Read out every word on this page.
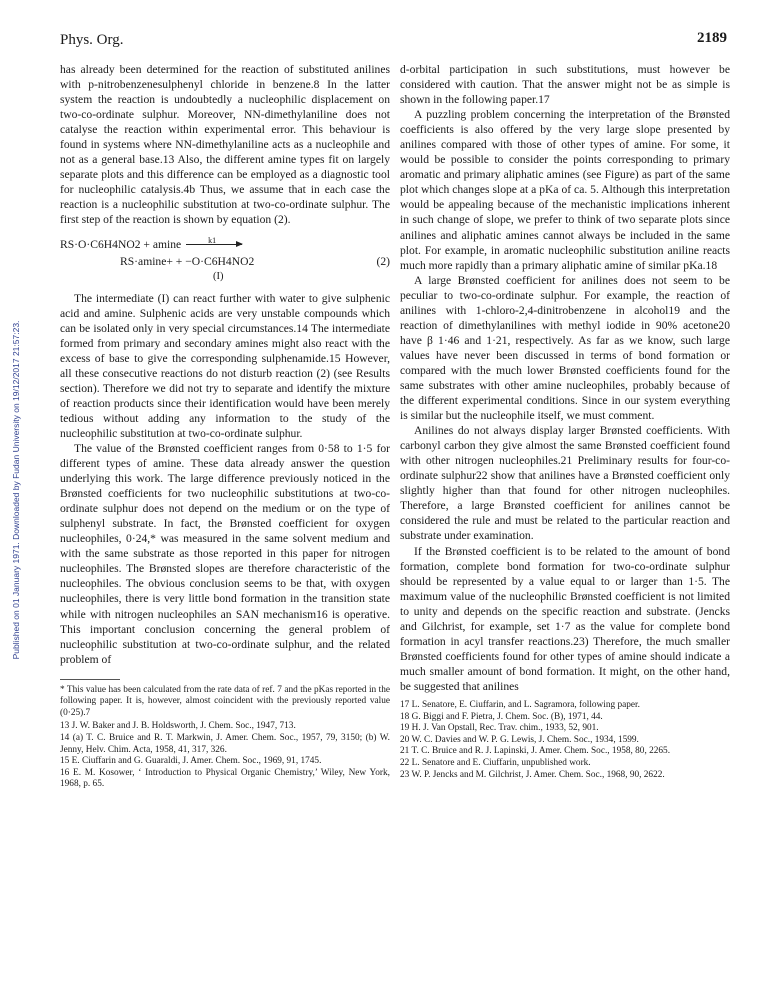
Phys. Org.	2189
Published on 01 January 1971. Downloaded by Fudan University on 19/12/2017 21:57:23.

has already been determined for the reaction of substituted anilines with p-nitrobenzenesulphenyl chloride in benzene.8 In the latter system the reaction is undoubtedly a nucleophilic displacement on two-co-ordinate sulphur. Moreover, NN-dimethylaniline does not catalyse the reaction within experimental error. This behaviour is found in systems where NN-dimethylaniline acts as a nucleophile and not as a general base.13 Also, the different amine types fit on largely separate plots and this difference can be employed as a diagnostic tool for nucleophilic catalysis.4b Thus, we assume that in each case the reaction is a nucleophilic substitution at two-co-ordinate sulphur. The first step of the reaction is shown by equation (2).

RS·O·C6H4NO2 + amine	k1
RS·amine+ + −O·C6H4NO2	(2)
(I)

The intermediate (I) can react further with water to give sulphenic acid and amine. Sulphenic acids are very unstable compounds which can be isolated only in very special circumstances.14 The intermediate formed from primary and secondary amines might also react with the excess of base to give the corresponding sulphenamide.15 However, all these consecutive reactions do not disturb reaction (2) (see Results section). Therefore we did not try to separate and identify the mixture of reaction products since their identification would have been merely tedious without adding any information to the study of the nucleophilic substitution at two-co-ordinate sulphur.

The value of the Brønsted coefficient ranges from 0·58 to 1·5 for different types of amine. These data already answer the question underlying this work. The large difference previously noticed in the Brønsted coefficients for two nucleophilic substitutions at two-co-ordinate sulphur does not depend on the medium or on the type of sulphenyl substrate. In fact, the Brønsted coefficient for oxygen nucleophiles, 0·24,* was measured in the same solvent medium and with the same substrate as those reported in this paper for nitrogen nucleophiles. The Brønsted slopes are therefore characteristic of the nucleophiles. The obvious conclusion seems to be that, with oxygen nucleophiles, there is very little bond formation in the transition state while with nitrogen nucleophiles an SAN mechanism16 is operative. This important conclusion concerning the general problem of nucleophilic substitution at two-co-ordinate sulphur, and the related problem of

* This value has been calculated from the rate data of ref. 7 and the pKas reported in the following paper. It is, however, almost coincident with the previously reported value (0·25).7

13 J. W. Baker and J. B. Holdsworth, J. Chem. Soc., 1947, 713.
14 (a) T. C. Bruice and R. T. Markwin, J. Amer. Chem. Soc., 1957, 79, 3150; (b) W. Jenny, Helv. Chim. Acta, 1958, 41, 317, 326.
15 E. Ciuffarin and G. Guaraldi, J. Amer. Chem. Soc., 1969, 91, 1745.
16 E. M. Kosower, ‘ Introduction to Physical Organic Chemistry,’ Wiley, New York, 1968, p. 65.

d-orbital participation in such substitutions, must however be considered with caution. That the answer might not be as simple is shown in the following paper.17

A puzzling problem concerning the interpretation of the Brønsted coefficients is also offered by the very large slope presented by anilines compared with those of other types of amine. For some, it would be possible to consider the points corresponding to primary aromatic and primary aliphatic amines (see Figure) as part of the same plot which changes slope at a pKa of ca. 5. Although this interpretation would be appealing because of the mechanistic implications inherent in such change of slope, we prefer to think of two separate plots since anilines and aliphatic amines cannot always be included in the same plot. For example, in aromatic nucleophilic substitution aniline reacts much more rapidly than a primary aliphatic amine of similar pKa.18

A large Brønsted coefficient for anilines does not seem to be peculiar to two-co-ordinate sulphur. For example, the reaction of anilines with 1-chloro-2,4-dinitrobenzene in alcohol19 and the reaction of dimethylanilines with methyl iodide in 90% acetone20 have β 1·46 and 1·21, respectively. As far as we know, such large values have never been discussed in terms of bond formation or compared with the much lower Brønsted coefficients found for the same substrates with other amine nucleophiles, probably because of the different experimental conditions. Since in our system everything is similar but the nucleophile itself, we must comment.

Anilines do not always display larger Brønsted coefficients. With carbonyl carbon they give almost the same Brønsted coefficient found with other nitrogen nucleophiles.21 Preliminary results for four-co-ordinate sulphur22 show that anilines have a Brønsted coefficient only slightly higher than that found for other nitrogen nucleophiles. Therefore, a large Brønsted coefficient for anilines cannot be considered the rule and must be related to the particular reaction and substrate under examination.

If the Brønsted coefficient is to be related to the amount of bond formation, complete bond formation for two-co-ordinate sulphur should be represented by a value equal to or larger than 1·5. The maximum value of the nucleophilic Brønsted coefficient is not limited to unity and depends on the specific reaction and substrate. (Jencks and Gilchrist, for example, set 1·7 as the value for complete bond formation in acyl transfer reactions.23) Therefore, the much smaller Brønsted coefficients found for other types of amine should indicate a much smaller amount of bond formation. It might, on the other hand, be suggested that anilines

17 L. Senatore, E. Ciuffarin, and L. Sagramora, following paper.
18 G. Biggi and F. Pietra, J. Chem. Soc. (B), 1971, 44.
19 H. J. Van Opstall, Rec. Trav. chim., 1933, 52, 901.
20 W. C. Davies and W. P. G. Lewis, J. Chem. Soc., 1934, 1599.
21 T. C. Bruice and R. J. Lapinski, J. Amer. Chem. Soc., 1958, 80, 2265.
22 L. Senatore and E. Ciuffarin, unpublished work.
23 W. P. Jencks and M. Gilchrist, J. Amer. Chem. Soc., 1968, 90, 2622.
